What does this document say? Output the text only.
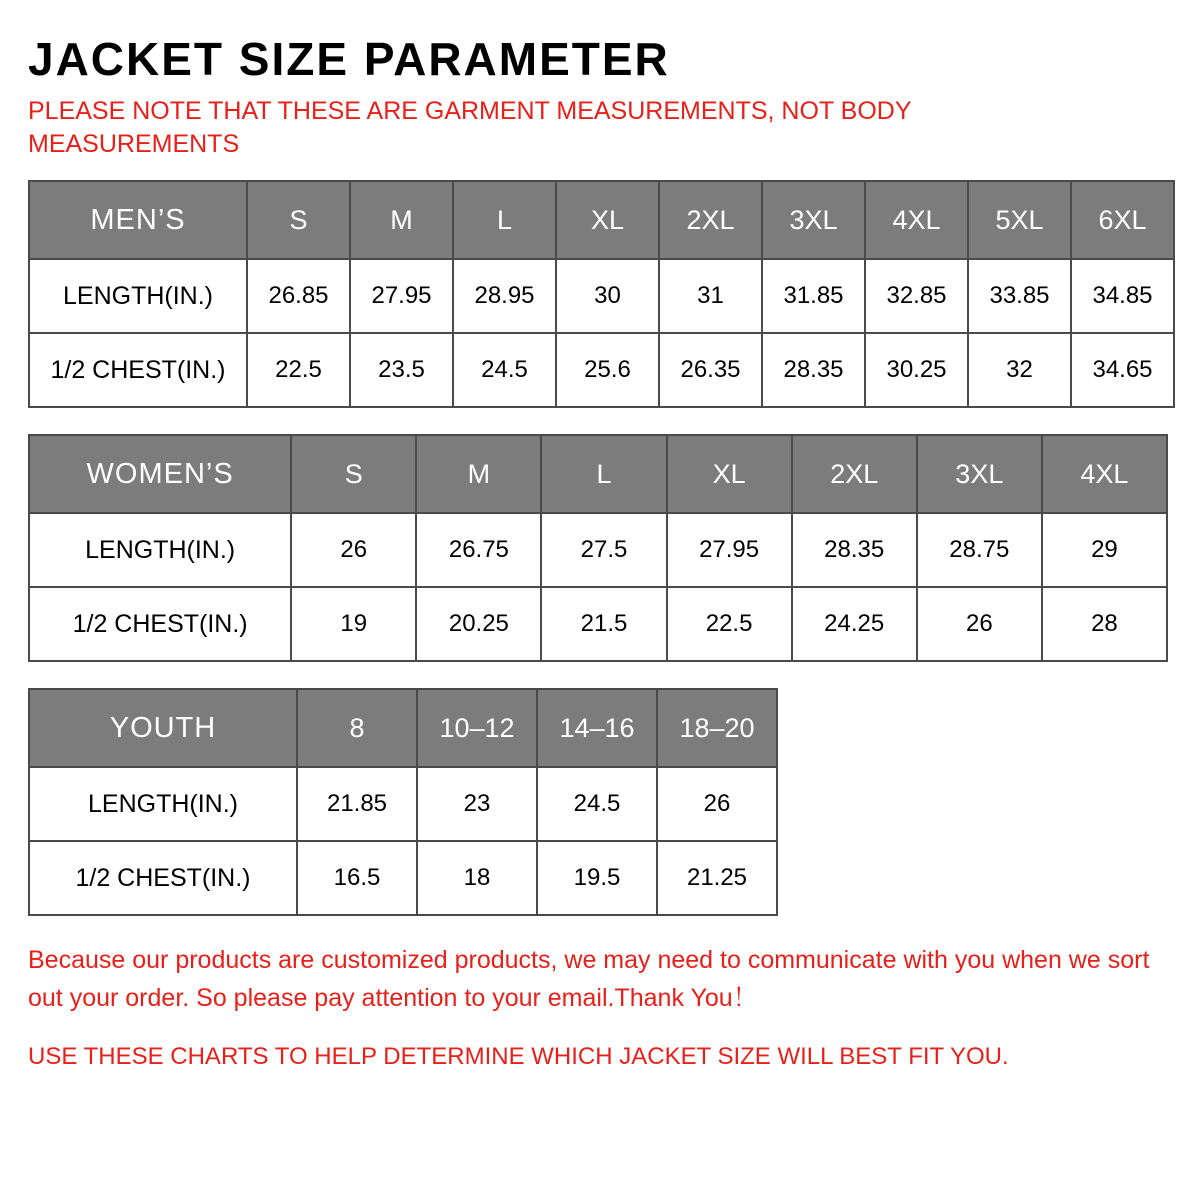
JACKET SIZE PARAMETER
PLEASE NOTE THAT THESE ARE GARMENT MEASUREMENTS, NOT BODY MEASUREMENTS
MEN’S	S	M	L	XL	2XL	3XL	4XL	5XL	6XL
LENGTH(IN.)	26.85	27.95	28.95	30	31	31.85	32.85	33.85	34.85
1/2 CHEST(IN.)	22.5	23.5	24.5	25.6	26.35	28.35	30.25	32	34.65
WOMEN’S	S	M	L	XL	2XL	3XL	4XL
LENGTH(IN.)	26	26.75	27.5	27.95	28.35	28.75	29
1/2 CHEST(IN.)	19	20.25	21.5	22.5	24.25	26	28
YOUTH	8	10–12	14–16	18–20
LENGTH(IN.)	21.85	23	24.5	26
1/2 CHEST(IN.)	16.5	18	19.5	21.25
Because our products are customized products, we may need to communicate with you when we sort out your order. So please pay attention to your email.Thank You！
USE THESE CHARTS TO HELP DETERMINE WHICH JACKET SIZE WILL BEST FIT YOU.
